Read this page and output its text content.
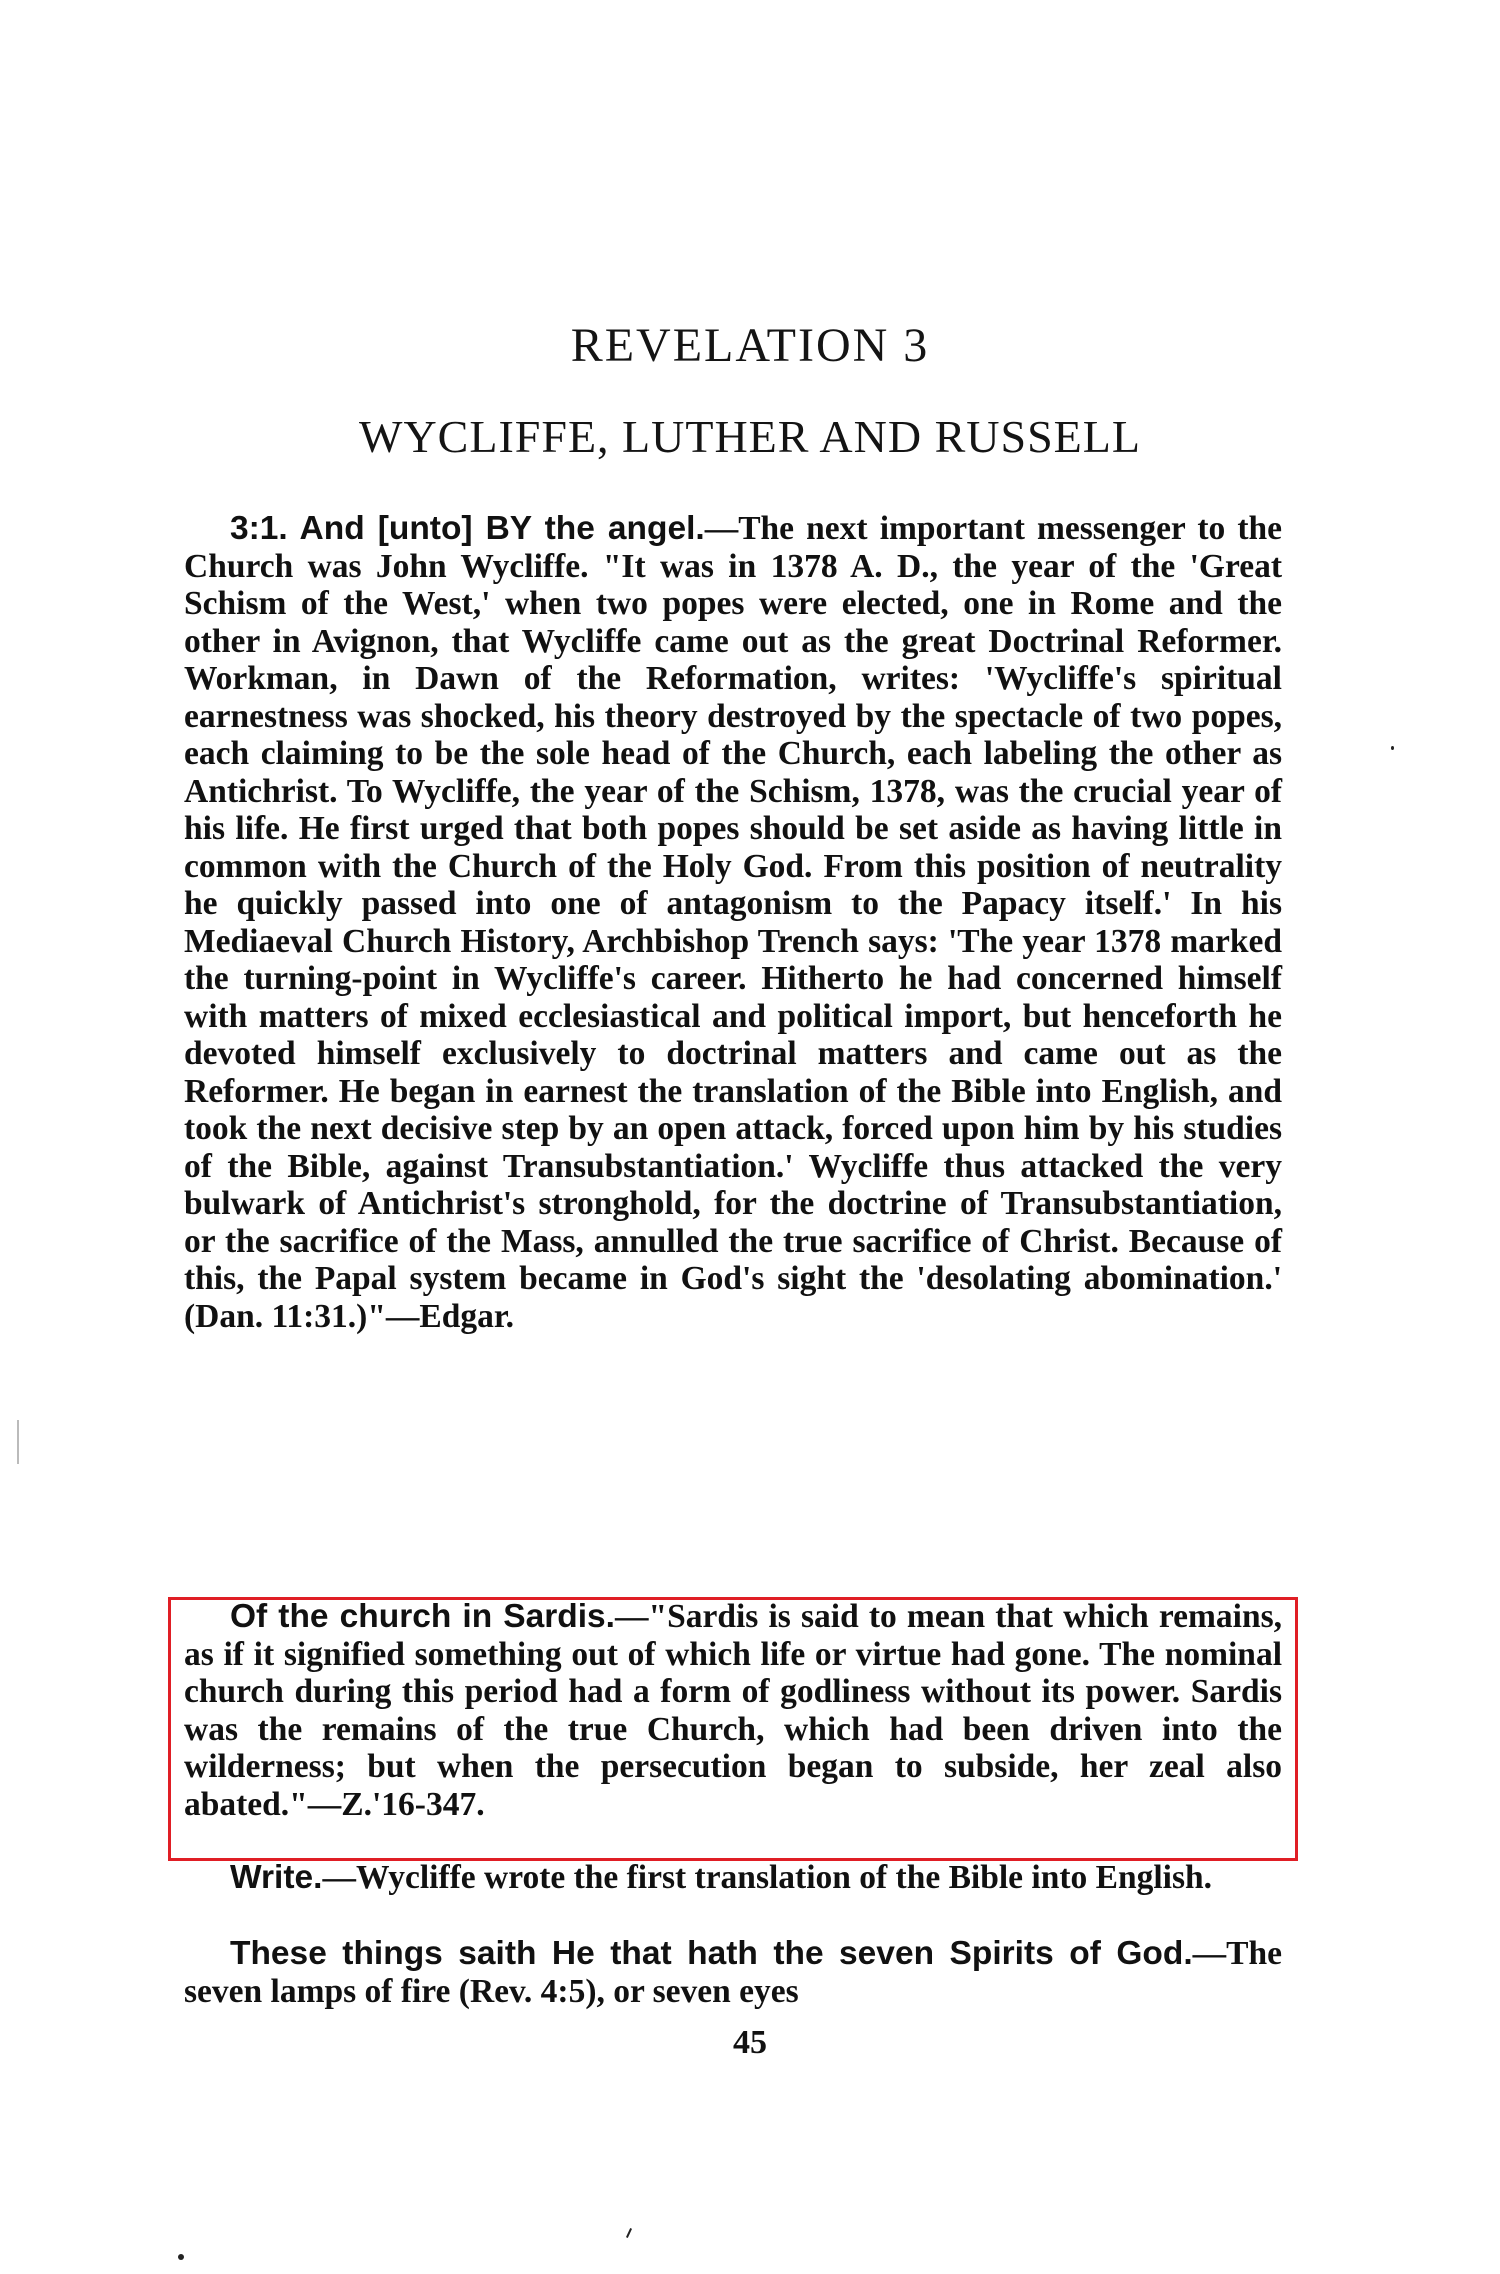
REVELATION 3
WYCLIFFE, LUTHER AND RUSSELL

3:1. And [unto] BY the angel.—The next important messenger to the Church was John Wycliffe. "It was in 1378 A. D., the year of the 'Great Schism of the West,' when two popes were elected, one in Rome and the other in Avignon, that Wycliffe came out as the great Doctrinal Reformer. Workman, in Dawn of the Reformation, writes: 'Wycliffe's spiritual earnestness was shocked, his theory destroyed by the spectacle of two popes, each claiming to be the sole head of the Church, each labeling the other as Antichrist. To Wycliffe, the year of the Schism, 1378, was the crucial year of his life. He first urged that both popes should be set aside as having little in common with the Church of the Holy God. From this position of neutrality he quickly passed into one of antagonism to the Papacy itself.' In his Mediaeval Church History, Archbishop Trench says: 'The year 1378 marked the turning-point in Wycliffe's career. Hitherto he had concerned himself with matters of mixed ecclesiastical and political import, but henceforth he devoted himself exclusively to doctrinal matters and came out as the Reformer. He began in earnest the translation of the Bible into English, and took the next decisive step by an open attack, forced upon him by his studies of the Bible, against Transubstantiation.' Wycliffe thus attacked the very bulwark of Antichrist's stronghold, for the doctrine of Transubstantiation, or the sacrifice of the Mass, annulled the true sacrifice of Christ. Because of this, the Papal system became in God's sight the 'desolating abomination.' (Dan. 11:31.)"—Edgar.

Of the church in Sardis.—"Sardis is said to mean that which remains, as if it signified something out of which life or virtue had gone. The nominal church during this period had a form of godliness without its power. Sardis was the remains of the true Church, which had been driven into the wilderness; but when the persecution began to subside, her zeal also abated."—Z.'16-347.

Write.—Wycliffe wrote the first translation of the Bible into English.

These things saith He that hath the seven Spirits of God.—The seven lamps of fire (Rev. 4:5), or seven eyes

45
